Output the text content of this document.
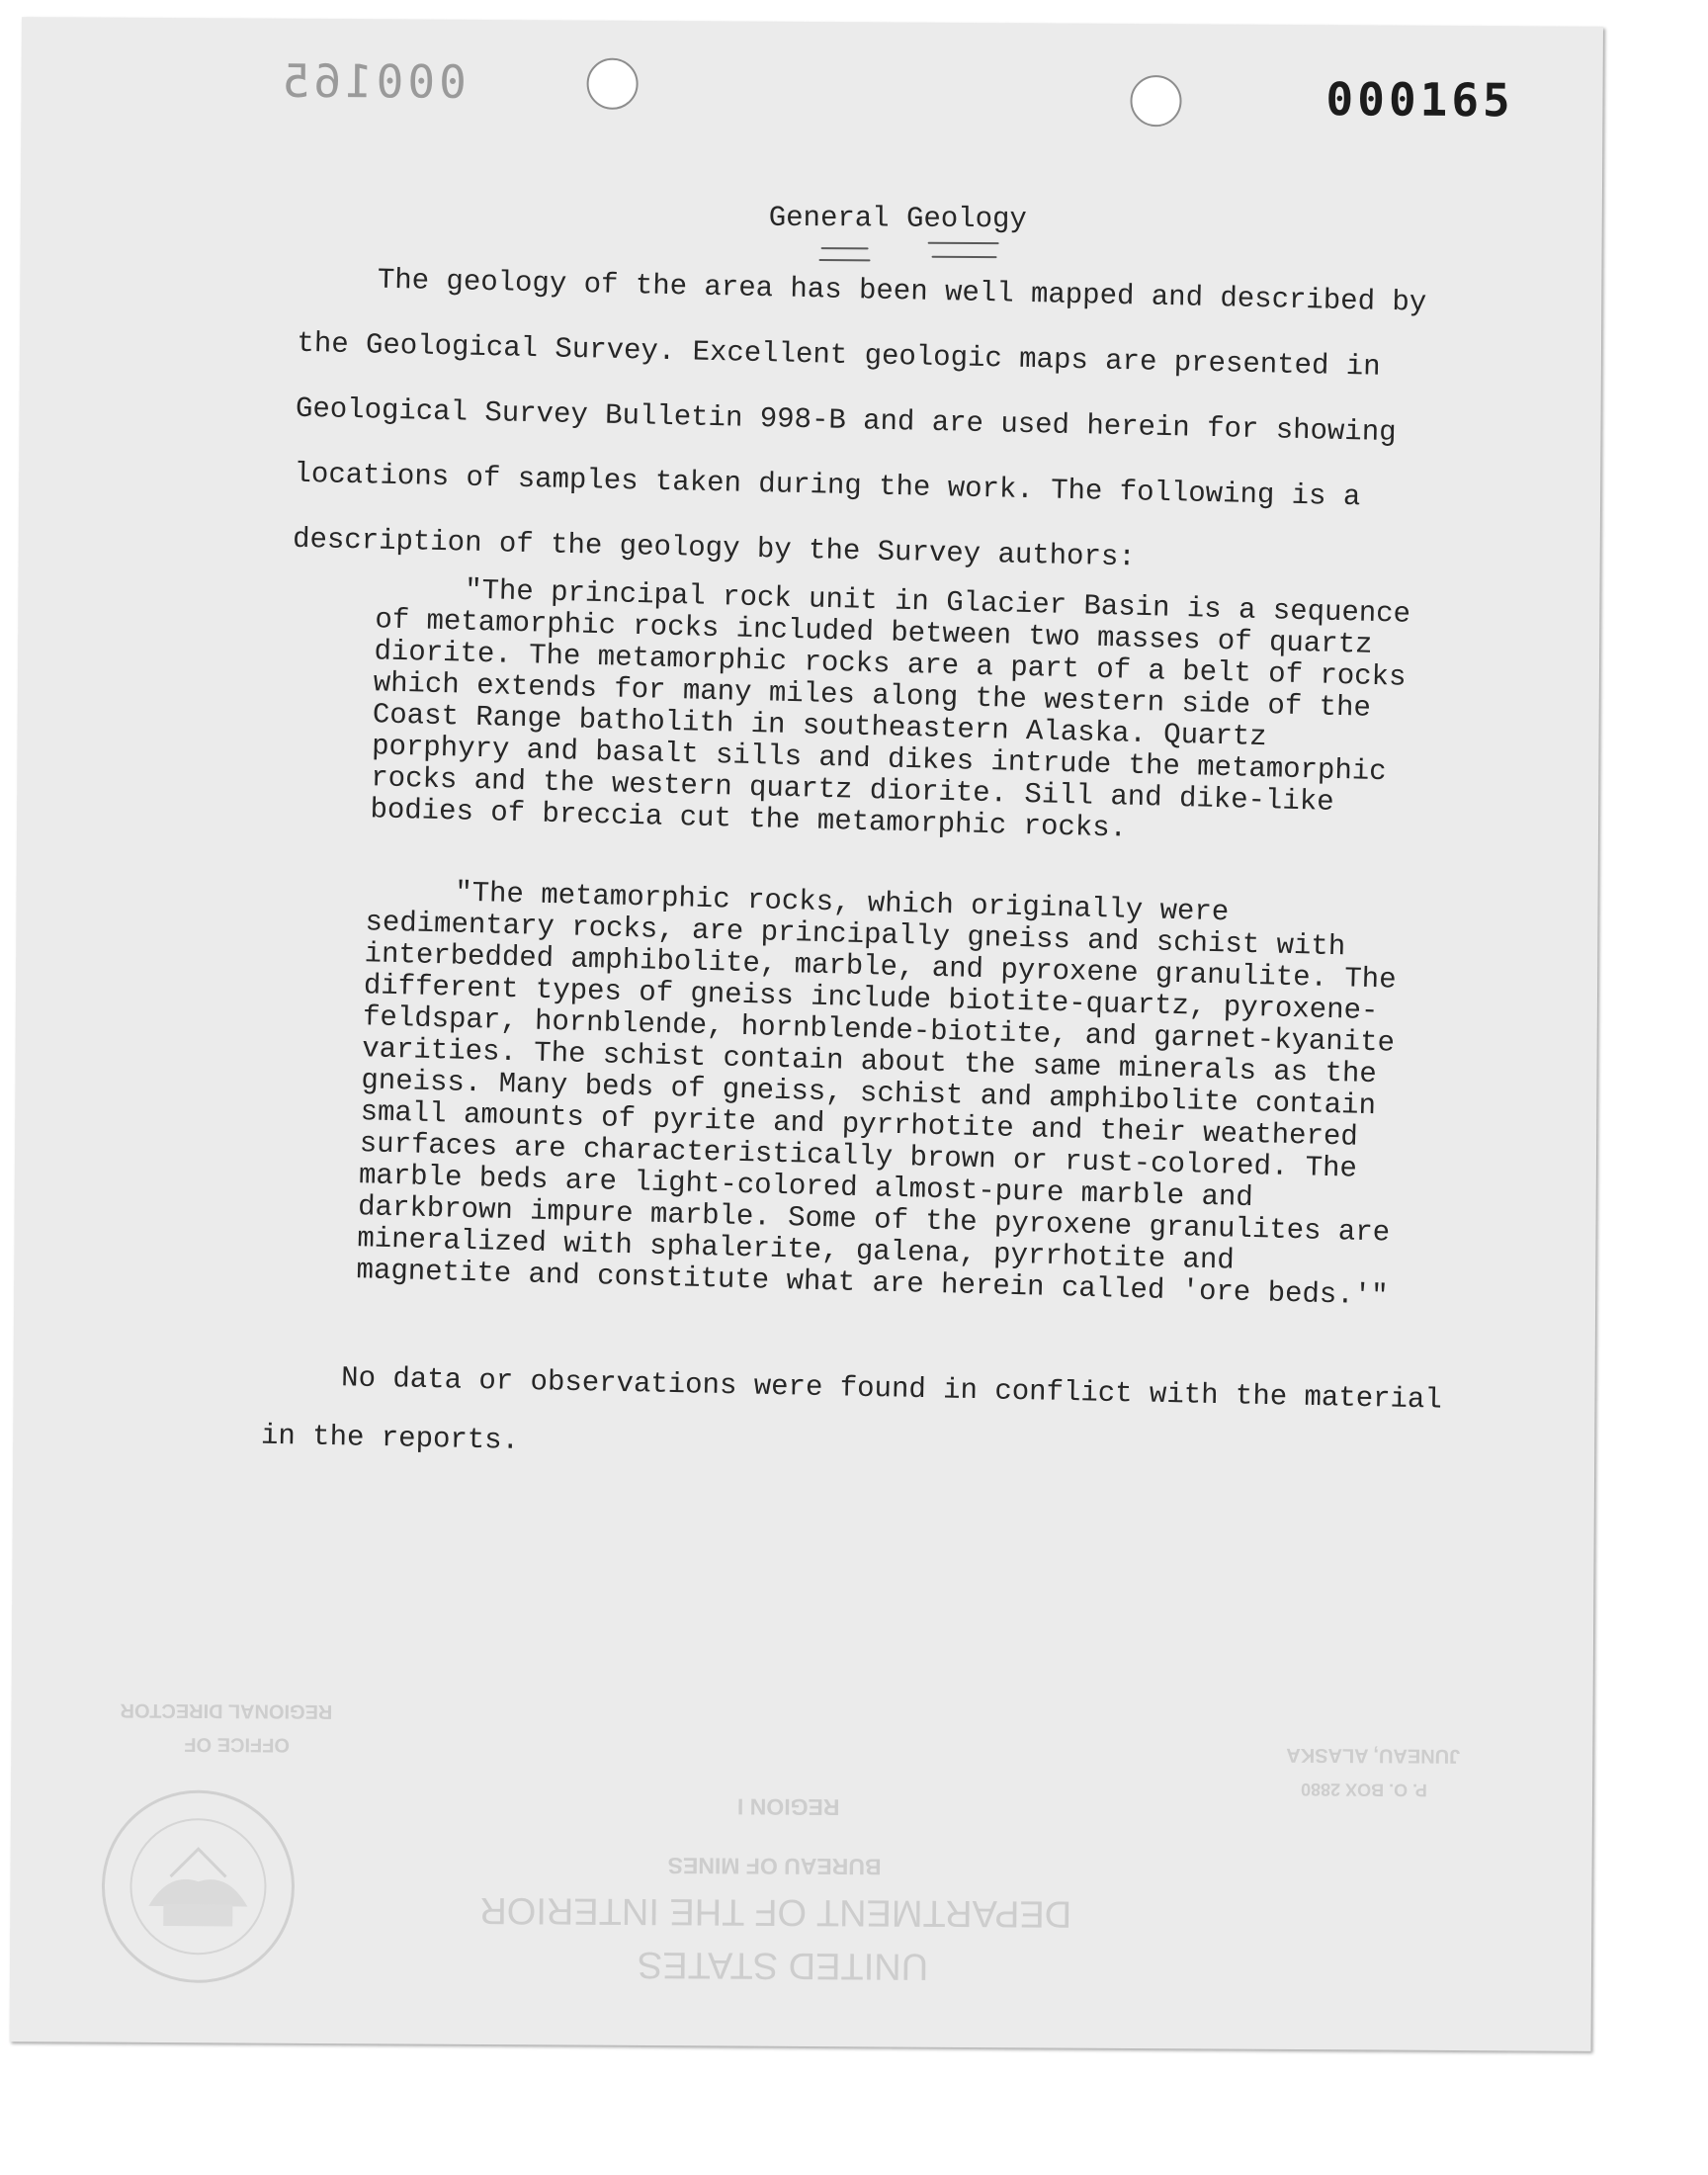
000165	000165
General Geology
The geology of the area has been well mapped and described by the Geological Survey. Excellent geologic maps are presented in Geological Survey Bulletin 998-B and are used herein for showing locations of samples taken during the work. The following is a description of the geology by the Survey authors:
"The principal rock unit in Glacier Basin is a sequence of metamorphic rocks included between two masses of quartz diorite. The metamorphic rocks are a part of a belt of rocks which extends for many miles along the western side of the Coast Range batholith in southeastern Alaska. Quartz porphyry and basalt sills and dikes intrude the metamorphic rocks and the western quartz diorite. Sill and dike-like bodies of breccia cut the metamorphic rocks.
"The metamorphic rocks, which originally were sedimentary rocks, are principally gneiss and schist with interbedded amphibolite, marble, and pyroxene granulite. The different types of gneiss include biotite-quartz, pyroxene-feldspar, hornblende, hornblende-biotite, and garnet-kyanite varities. The schist contain about the same minerals as the gneiss. Many beds of gneiss, schist and amphibolite contain small amounts of pyrite and pyrrhotite and their weathered surfaces are characteristically brown or rust-colored. The marble beds are light-colored almost-pure marble and darkbrown impure marble. Some of the pyroxene granulites are mineralized with sphalerite, galena, pyrrhotite and magnetite and constitute what are herein called 'ore beds.'"
No data or observations were found in conflict with the material in the reports.
REGIONAL DIRECTOR
OFFICE OF	JUNEAU, ALASKA
P. O. BOX 2880
REGION I
BUREAU OF MINES
DEPARTMENT OF THE INTERIOR
UNITED STATES
